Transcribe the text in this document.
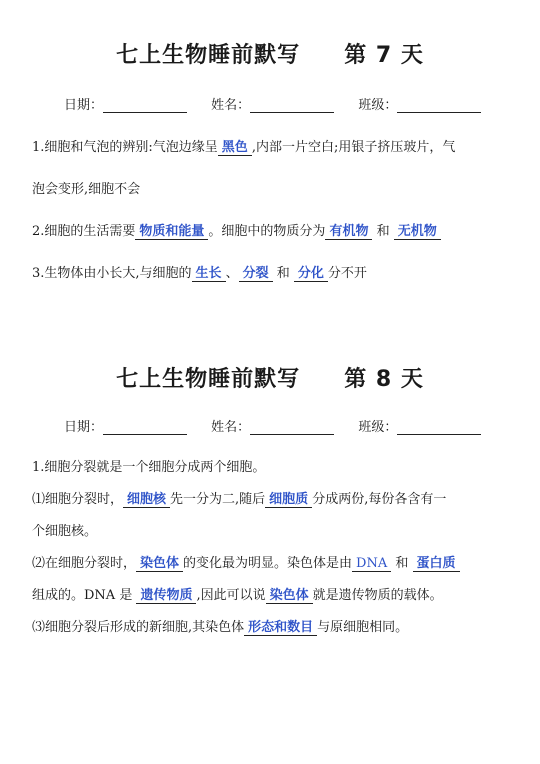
七上生物睡前默写 第 7 天
日期：	姓名：	班级：
1.细胞和气泡的辨别:气泡边缘呈 黑色 ,内部一片空白;用银子挤压玻片，气
泡会变形,细胞不会
2.细胞的生活需要 物质和能量 。细胞中的物质分为 有机物 和 无机物
3.生物体由小长大,与细胞的 生长 、 分裂 和 分化 分不开
七上生物睡前默写 第 8 天
日期：	姓名：	班级：
1.细胞分裂就是一个细胞分成两个细胞。
⑴细胞分裂时， 细胞核 先一分为二,随后 细胞质 分成两份,每份各含有一
个细胞核。
⑵在细胞分裂时， 染色体 的变化最为明显。染色体是由 DNA 和 蛋白质
组成的。DNA 是 遗传物质 ,因此可以说 染色体 就是遗传物质的载体。
⑶细胞分裂后形成的新细胞,其染色体 形态和数目 与原细胞相同。
